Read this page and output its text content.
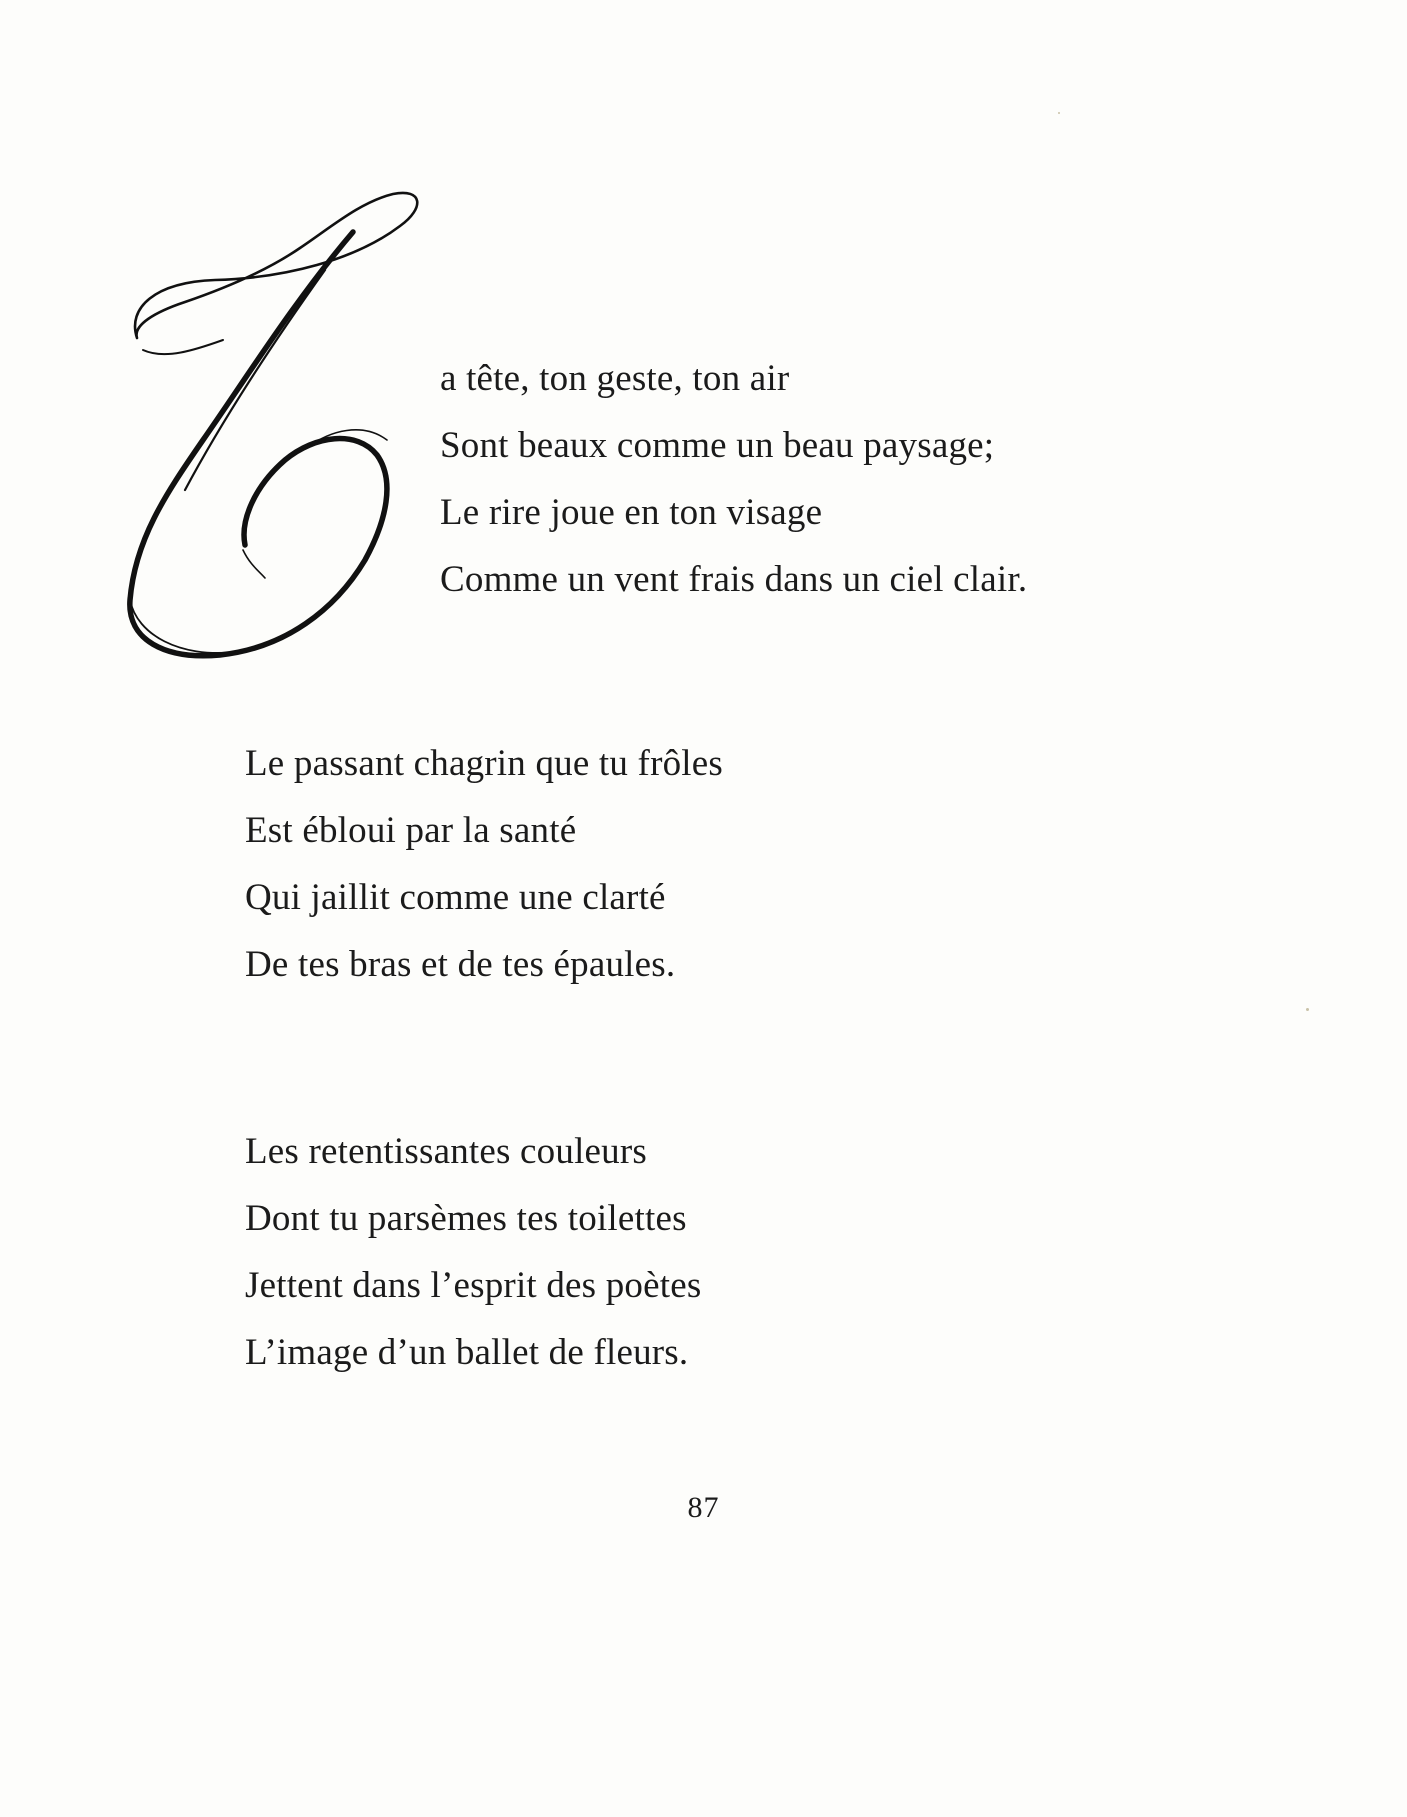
a tête, ton geste, ton air
Sont beaux comme un beau paysage;
Le rire joue en ton visage
Comme un vent frais dans un ciel clair.
Le passant chagrin que tu frôles
Est ébloui par la santé
Qui jaillit comme une clarté
De tes bras et de tes épaules.
Les retentissantes couleurs
Dont tu parsèmes tes toilettes
Jettent dans l’esprit des poètes
L’image d’un ballet de fleurs.
87
